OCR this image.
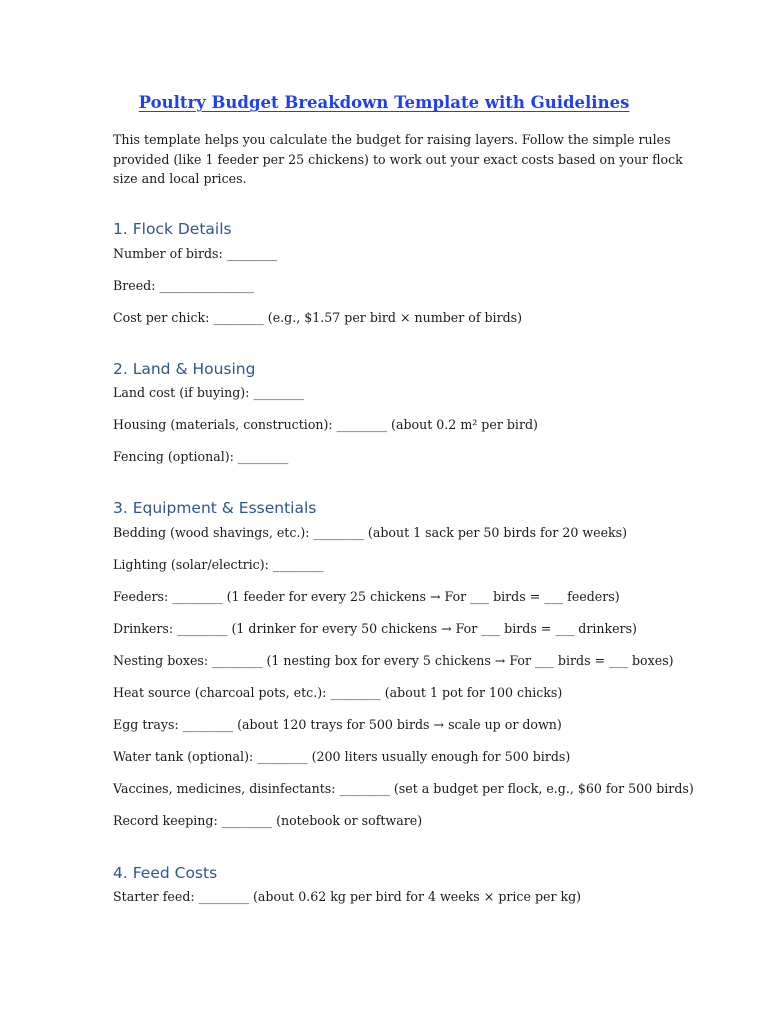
Poultry Budget Breakdown Template with Guidelines
This template helps you calculate the budget for raising layers. Follow the simple rules
provided (like 1 feeder per 25 chickens) to work out your exact costs based on your flock
size and local prices.
1. Flock Details
Number of birds: ________
Breed: _______________
Cost per chick: ________ (e.g., $1.57 per bird × number of birds)
2. Land & Housing
Land cost (if buying): ________
Housing (materials, construction): ________ (about 0.2 m² per bird)
Fencing (optional): ________
3. Equipment & Essentials
Bedding (wood shavings, etc.): ________ (about 1 sack per 50 birds for 20 weeks)
Lighting (solar/electric): ________
Feeders: ________ (1 feeder for every 25 chickens → For ___ birds = ___ feeders)
Drinkers: ________ (1 drinker for every 50 chickens → For ___ birds = ___ drinkers)
Nesting boxes: ________ (1 nesting box for every 5 chickens → For ___ birds = ___ boxes)
Heat source (charcoal pots, etc.): ________ (about 1 pot for 100 chicks)
Egg trays: ________ (about 120 trays for 500 birds → scale up or down)
Water tank (optional): ________ (200 liters usually enough for 500 birds)
Vaccines, medicines, disinfectants: ________ (set a budget per flock, e.g., $60 for 500 birds)
Record keeping: ________ (notebook or software)
4. Feed Costs
Starter feed: ________ (about 0.62 kg per bird for 4 weeks × price per kg)
